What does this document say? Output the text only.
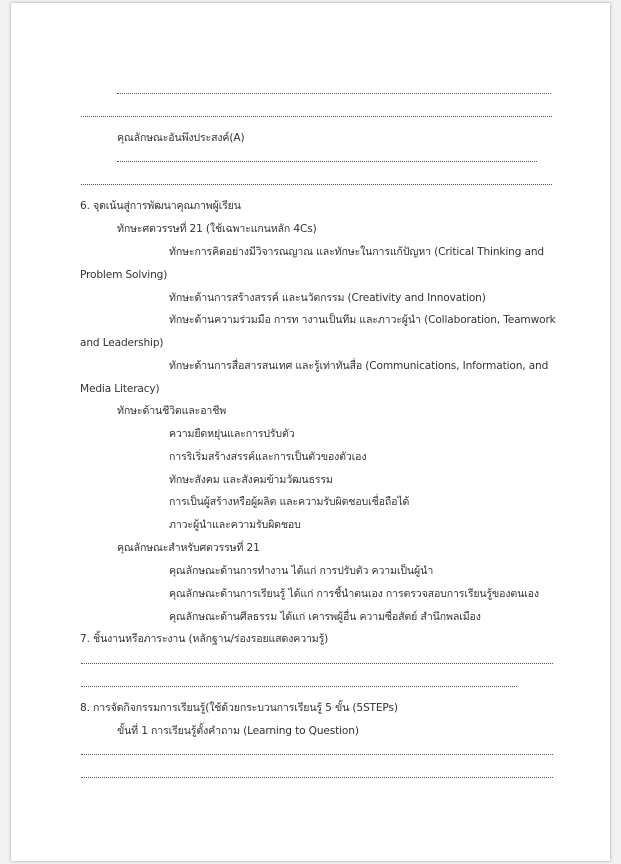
คุณลักษณะอันพึงประสงค์(A)
6. จุดเน้นสู่การพัฒนาคุณภาพผู้เรียน
ทักษะศตวรรษที่ 21 (ใช้เฉพาะแกนหลัก 4Cs)
ทักษะการคิดอย่างมีวิจารณญาณ และทักษะในการแก้ปัญหา (Critical Thinking and
Problem Solving)
ทักษะด้านการสร้างสรรค์ และนวัตกรรม (Creativity and Innovation)
ทักษะด้านความร่วมมือ การท างานเป็นทีม และภาวะผู้นำ (Collaboration, Teamwork
and Leadership)
ทักษะด้านการสื่อสารสนเทศ และรู้เท่าทันสื่อ (Communications, Information, and
Media Literacy)
ทักษะด้านชีวิตและอาชีพ
ความยืดหยุ่นและการปรับตัว
การริเริ่มสร้างสรรค์และการเป็นตัวของตัวเอง
ทักษะสังคม และสังคมข้ามวัฒนธรรม
การเป็นผู้สร้างหรือผู้ผลิต และความรับผิดชอบเชื่อถือได้
ภาวะผู้นำและความรับผิดชอบ
คุณลักษณะสำหรับศตวรรษที่ 21
คุณลักษณะด้านการทำงาน ได้แก่ การปรับตัว ความเป็นผู้นำ
คุณลักษณะด้านการเรียนรู้ ได้แก่ การชี้นำตนเอง การตรวจสอบการเรียนรู้ของตนเอง
คุณลักษณะด้านศีลธรรม ได้แก่ เคารพผู้อื่น ความซื่อสัตย์ สำนึกพลเมือง
7. ชิ้นงานหรือภาระงาน (หลักฐาน/ร่องรอยแสดงความรู้)
8. การจัดกิจกรรมการเรียนรู้(ใช้ด้วยกระบวนการเรียนรู้ 5 ขั้น (5STEPs)
ขั้นที่ 1 การเรียนรู้ตั้งคำถาม (Learning to Question)
